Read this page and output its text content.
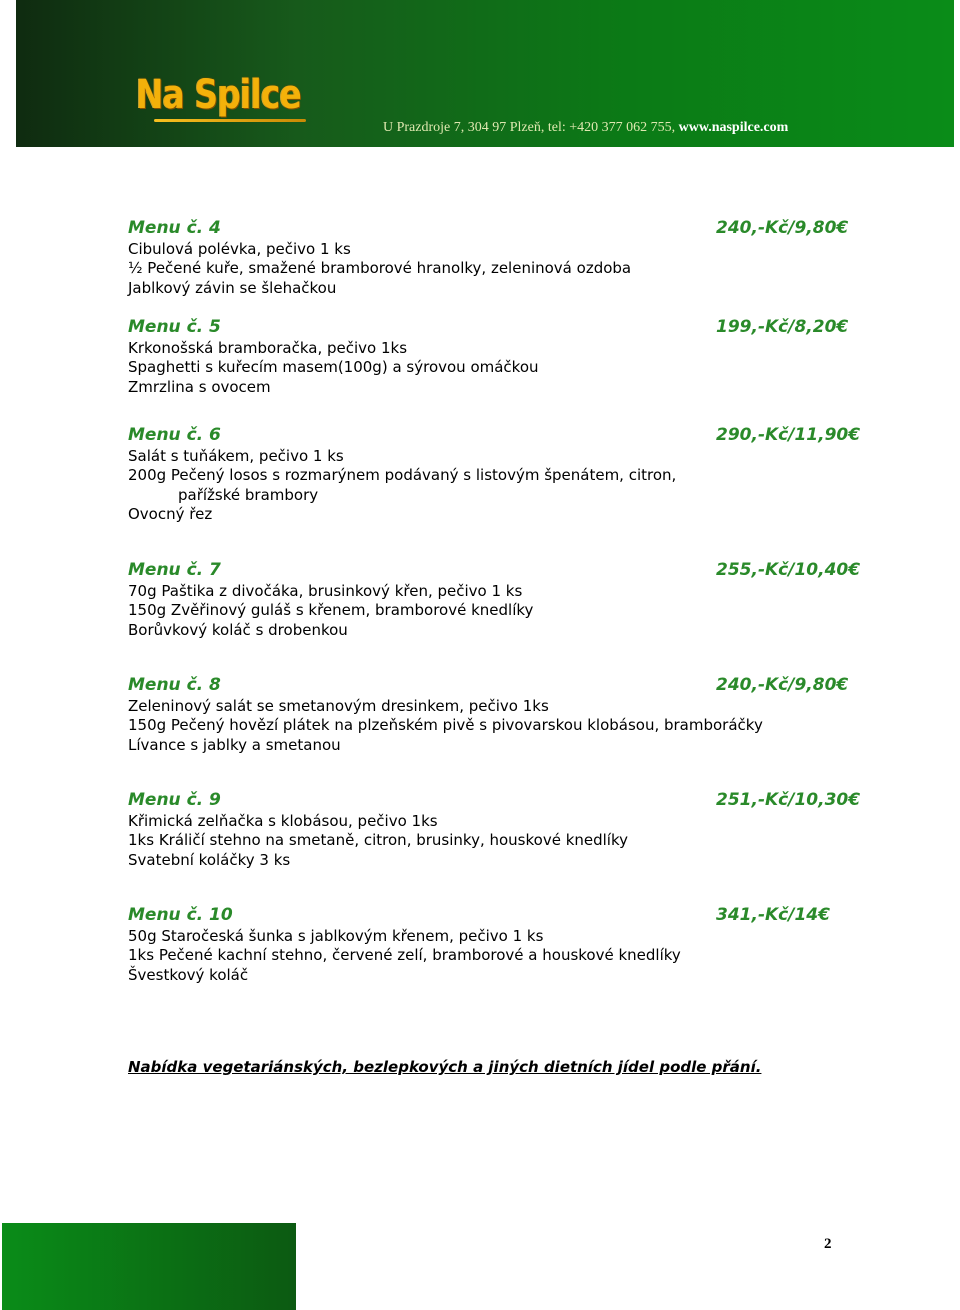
Na Spilce
U Prazdroje 7, 304 97 Plzeň, tel: +420 377 062 755, www.naspilce.com
Menu č. 4	240,-Kč/9,80€
Cibulová polévka, pečivo 1 ks
½ Pečené kuře, smažené bramborové hranolky, zeleninová ozdoba
Jablkový závin se šlehačkou
Menu č. 5	199,-Kč/8,20€
Krkonošská bramboračka, pečivo 1ks
Spaghetti s kuřecím masem(100g) a sýrovou omáčkou
Zmrzlina s ovocem
Menu č. 6	290,-Kč/11,90€
Salát s tuňákem, pečivo 1 ks
200g Pečený losos s rozmarýnem podávaný s listovým špenátem, citron,
pařížské brambory
Ovocný řez
Menu č. 7	255,-Kč/10,40€
70g Paštika z divočáka, brusinkový křen, pečivo 1 ks
150g Zvěřinový guláš s křenem, bramborové knedlíky
Borůvkový koláč s drobenkou
Menu č. 8	240,-Kč/9,80€
Zeleninový salát se smetanovým dresinkem, pečivo 1ks
150g Pečený hovězí plátek na plzeňském pivě s pivovarskou klobásou, bramboráčky
Lívance s jablky a smetanou
Menu č. 9	251,-Kč/10,30€
Křimická zelňačka s klobásou, pečivo 1ks
1ks Králičí stehno na smetaně, citron, brusinky, houskové knedlíky
Svatební koláčky 3 ks
Menu č. 10	341,-Kč/14€
50g Staročeská šunka s jablkovým křenem, pečivo 1 ks
1ks Pečené kachní stehno, červené zelí, bramborové a houskové knedlíky
Švestkový koláč
Nabídka vegetariánských, bezlepkových a jiných dietních jídel podle přání.
2
